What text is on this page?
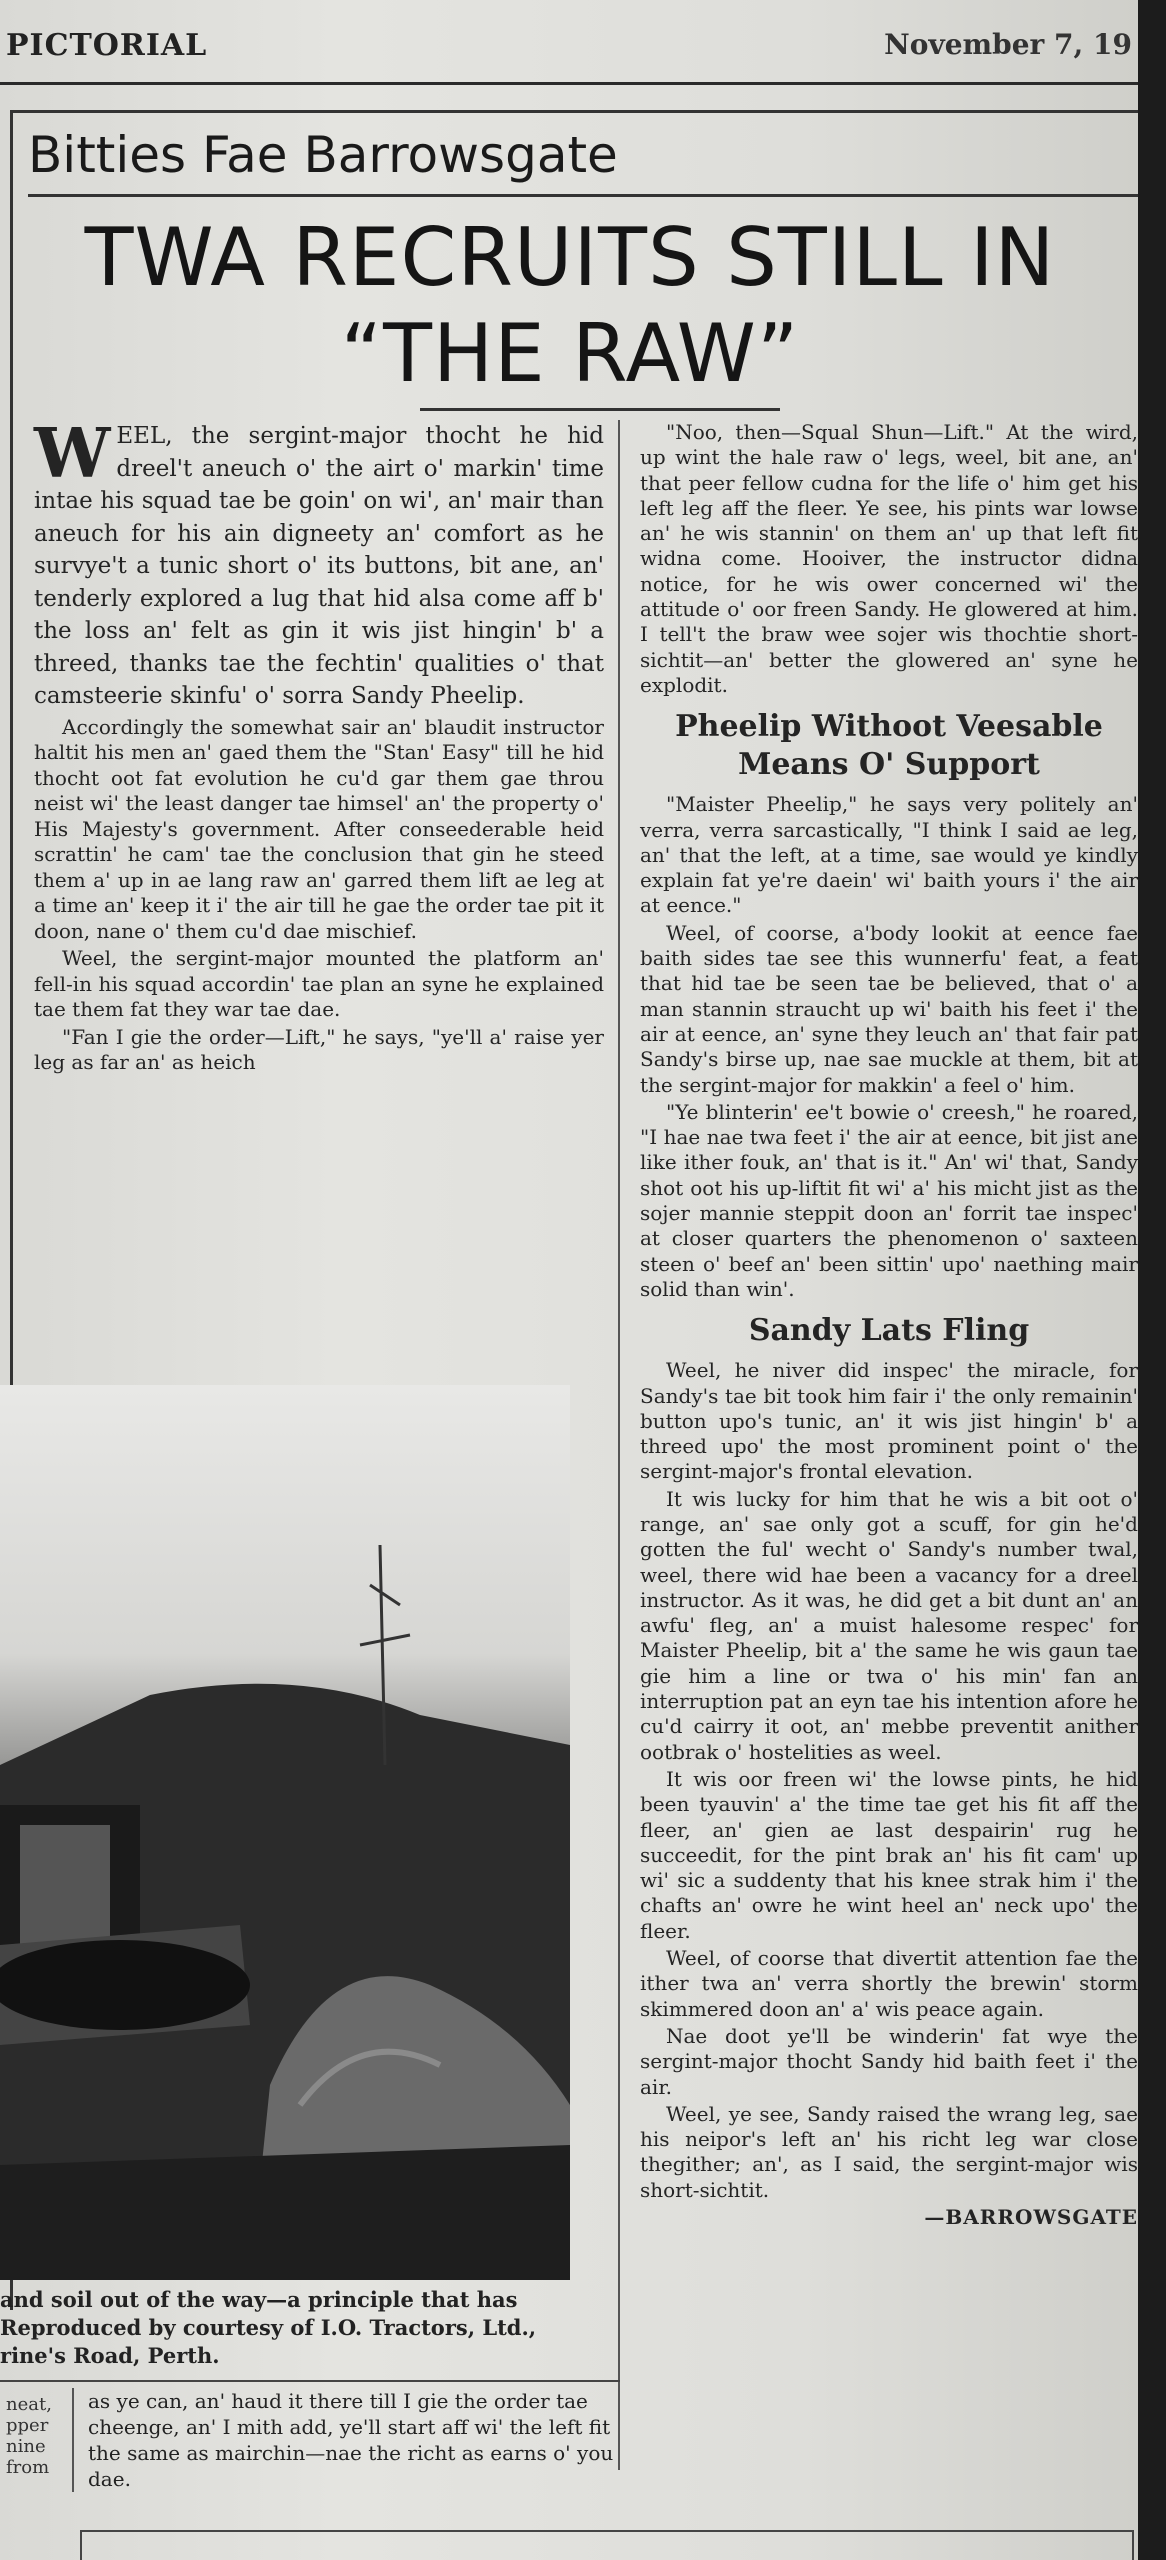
PICTORIAL	November 7, 19
Bitties Fae Barrowsgate
TWA RECRUITS STILL IN
“THE RAW”

WEEL, the sergint-major thocht he hid dreel't aneuch o' the airt o' markin' time intae his squad tae be goin' on wi', an' mair than aneuch for his ain digneety an' comfort as he survye't a tunic short o' its buttons, bit ane, an' tenderly explored a lug that hid alsa come aff b' the loss an' felt as gin it wis jist hingin' b' a threed, thanks tae the fechtin' qualities o' that camsteerie skinfu' o' sorra Sandy Pheelip.

Accordingly the somewhat sair an' blaudit instructor haltit his men an' gaed them the "Stan' Easy" till he hid thocht oot fat evolution he cu'd gar them gae throu neist wi' the least danger tae himsel' an' the property o' His Majesty's government. After conseederable heid scrattin' he cam' tae the conclusion that gin he steed them a' up in ae lang raw an' garred them lift ae leg at a time an' keep it i' the air till he gae the order tae pit it doon, nane o' them cu'd dae mischief.

Weel, the sergint-major mounted the platform an' fell-in his squad accordin' tae plan an syne he explained tae them fat they war tae dae.

"Fan I gie the order—Lift," he says, "ye'll a' raise yer leg as far an' as heich

and soil out of the way—a principle that has Reproduced by courtesy of I.O. Tractors, Ltd., rine's Road, Perth.
neat, pper nine from
as ye can, an' haud it there till I gie the order tae cheenge, an' I mith add, ye'll start aff wi' the left fit the same as mairchin—nae the richt as earns o' you dae.

"Noo, then—Squal Shun—Lift." At the wird, up wint the hale raw o' legs, weel, bit ane, an' that peer fellow cudna for the life o' him get his left leg aff the fleer. Ye see, his pints war lowse an' he wis stannin' on them an' up that left fit widna come. Hooiver, the instructor didna notice, for he wis ower concerned wi' the attitude o' oor freen Sandy. He glowered at him. I tell't the braw wee sojer wis thochtie short-sichtit—an' better the glowered an' syne he explodit.

Pheelip Withoot Veesable Means O' Support

"Maister Pheelip," he says very politely an' verra, verra sarcastically, "I think I said ae leg, an' that the left, at a time, sae would ye kindly explain fat ye're daein' wi' baith yours i' the air at eence."

Weel, of coorse, a'body lookit at eence fae baith sides tae see this wunnerfu' feat, a feat that hid tae be seen tae be believed, that o' a man stannin straucht up wi' baith his feet i' the air at eence, an' syne they leuch an' that fair pat Sandy's birse up, nae sae muckle at them, bit at the sergint-major for makkin' a feel o' him.

"Ye blinterin' ee't bowie o' creesh," he roared, "I hae nae twa feet i' the air at eence, bit jist ane like ither fouk, an' that is it." An' wi' that, Sandy shot oot his up-liftit fit wi' a' his micht jist as the sojer mannie steppit doon an' forrit tae inspec' at closer quarters the phenomenon o' saxteen steen o' beef an' been sittin' upo' naething mair solid than win'.

Sandy Lats Fling

Weel, he niver did inspec' the miracle, for Sandy's tae bit took him fair i' the only remainin' button upo's tunic, an' it wis jist hingin' b' a threed upo' the most prominent point o' the sergint-major's frontal elevation.

It wis lucky for him that he wis a bit oot o' range, an' sae only got a scuff, for gin he'd gotten the ful' wecht o' Sandy's number twal, weel, there wid hae been a vacancy for a dreel instructor. As it was, he did get a bit dunt an' an awfu' fleg, an' a muist halesome respec' for Maister Pheelip, bit a' the same he wis gaun tae gie him a line or twa o' his min' fan an interruption pat an eyn tae his intention afore he cu'd cairry it oot, an' mebbe preventit anither ootbrak o' hostelities as weel.

It wis oor freen wi' the lowse pints, he hid been tyauvin' a' the time tae get his fit aff the fleer, an' gien ae last despairin' rug he succeedit, for the pint brak an' his fit cam' up wi' sic a suddenty that his knee strak him i' the chafts an' owre he wint heel an' neck upo' the fleer.

Weel, of coorse that divertit attention fae the ither twa an' verra shortly the brewin' storm skimmered doon an' a' wis peace again.

Nae doot ye'll be winderin' fat wye the sergint-major thocht Sandy hid baith feet i' the air.

Weel, ye see, Sandy raised the wrang leg, sae his neipor's left an' his richt leg war close thegither; an', as I said, the sergint-major wis short-sichtit.

—BARROWSGATE
